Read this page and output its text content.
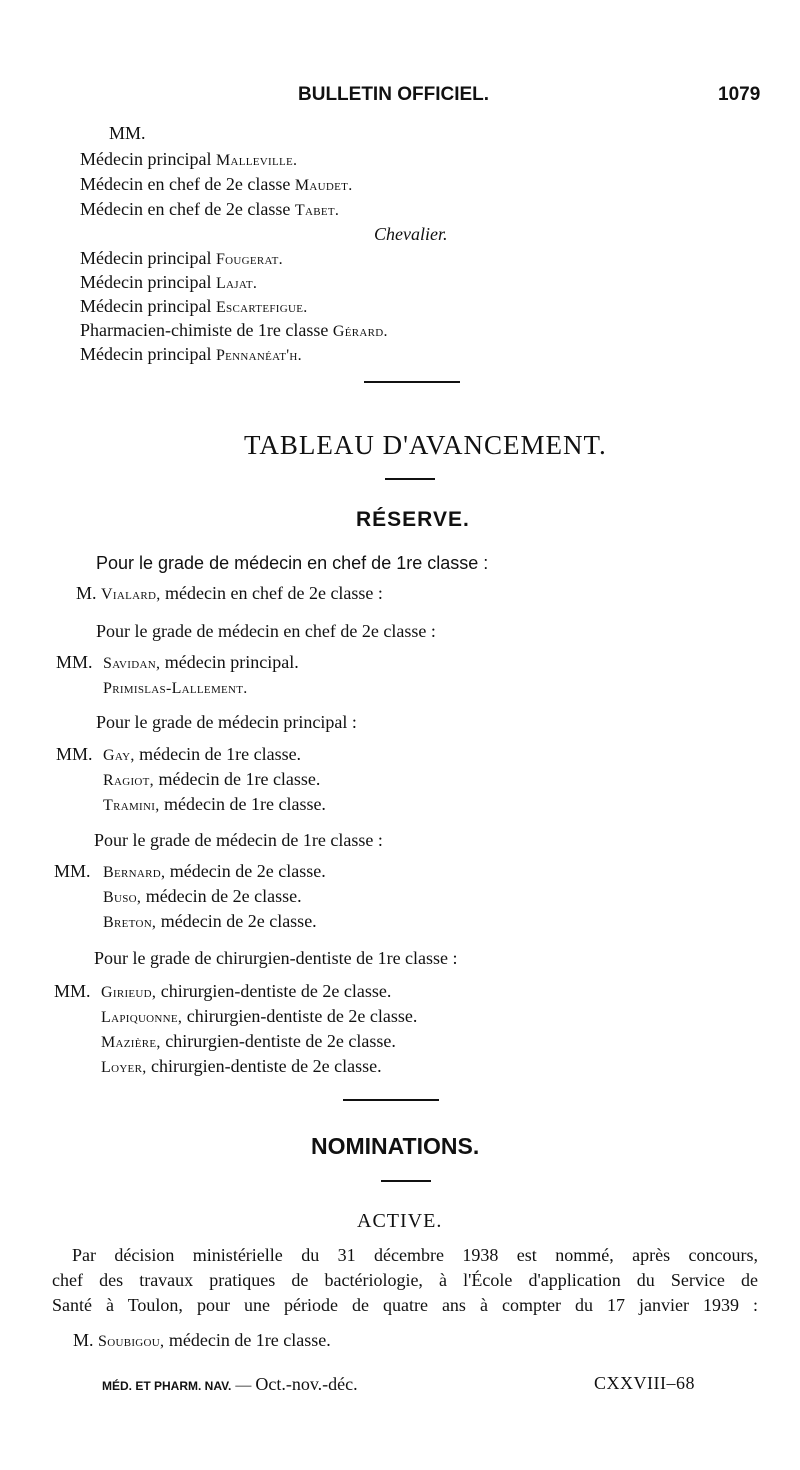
BULLETIN OFFICIEL.	1079
MM.
Médecin principal Malleville.
Médecin en chef de 2e classe Maudet.
Médecin en chef de 2e classe Tabet.
Chevalier.
Médecin principal Fougerat.
Médecin principal Lajat.
Médecin principal Escartefigue.
Pharmacien-chimiste de 1re classe Gérard.
Médecin principal Pennanéat'h.
TABLEAU D'AVANCEMENT.
RÉSERVE.
Pour le grade de médecin en chef de 1re classe :
M. Vialard, médecin en chef de 2e classe :
Pour le grade de médecin en chef de 2e classe :
MM. Savidan, médecin principal.
Primislas-Lallement.
Pour le grade de médecin principal :
MM. Gay, médecin de 1re classe.
Ragiot, médecin de 1re classe.
Tramini, médecin de 1re classe.
Pour le grade de médecin de 1re classe :
MM. Bernard, médecin de 2e classe.
Buso, médecin de 2e classe.
Breton, médecin de 2e classe.
Pour le grade de chirurgien-dentiste de 1re classe :
MM. Girieud, chirurgien-dentiste de 2e classe.
Lapiquonne, chirurgien-dentiste de 2e classe.
Mazière, chirurgien-dentiste de 2e classe.
Loyer, chirurgien-dentiste de 2e classe.
NOMINATIONS.
ACTIVE.
Par décision ministérielle du 31 décembre 1938 est nommé, après concours,
chef des travaux pratiques de bactériologie, à l'École d'application du Service de
Santé à Toulon, pour une période de quatre ans à compter du 17 janvier 1939 :
M. Soubigou, médecin de 1re classe.
MÉD. ET PHARM. NAV. — Oct.-nov.-déc.	CXXVIII–68
